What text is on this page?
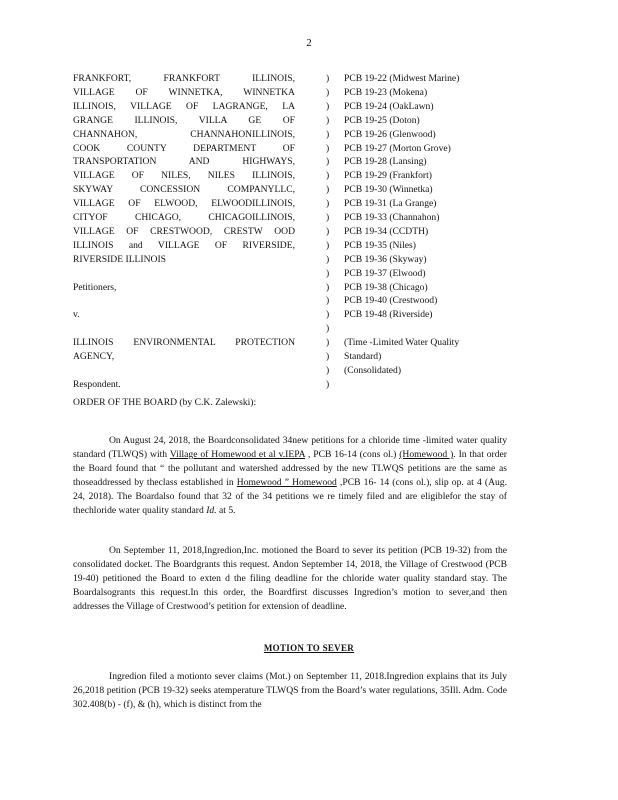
2
FRANKFORT, FRANKFORT ILLINOIS,	) PCB 19-22 (Midwest Marine)
VILLAGE OF WINNETKA, WINNETKA	) PCB 19-23 (Mokena)
ILLINOIS, VILLAGE OF LAGRANGE, LA	) PCB 19-24 (OakLawn)
GRANGE ILLINOIS, VILLA GE OF	) PCB 19-25 (Doton)
CHANNAHON, CHANNAHONILLINOIS,	) PCB 19-26 (Glenwood)
COOK COUNTY DEPARTMENT OF	) PCB 19-27 (Morton Grove)
TRANSPORTATION AND HIGHWAYS,	) PCB 19-28 (Lansing)
VILLAGE OF NILES, NILES ILLINOIS,	) PCB 19-29 (Frankfort)
SKYWAY CONCESSION COMPANYLLC,	) PCB 19-30 (Winnetka)
VILLAGE OF ELWOOD, ELWOODILLINOIS,	) PCB 19-31 (La Grange)
CITYOF CHICAGO, CHICAGOILLINOIS,	) PCB 19-33 (Channahon)
VILLAGE OF CRESTWOOD, CRESTW OOD	) PCB 19-34 (CCDTH)
ILLINOIS and VILLAGE OF RIVERSIDE,	) PCB 19-35 (Niles)
RIVERSIDE ILLINOIS	) PCB 19-36 (Skyway)
) PCB 19-37 (Elwood)
Petitioners,	) PCB 19-38 (Chicago)
) PCB 19-40 (Crestwood)
v.	) PCB 19-48 (Riverside)
)
ILLINOIS ENVIRONMENTAL PROTECTION	) (Time -Limited Water Quality
AGENCY,	) Standard)
) (Consolidated)
Respondent.	)
ORDER OF THE BOARD (by C.K. Zalewski):
On August 24, 2018, the Boardconsolidated 34new petitions for a chloride time -limited water quality standard (TLWQS) with Village of Homewood et al v.IEPA , PCB 16-14 (cons ol.) (Homewood ). In that order the Board found that “ the pollutant and watershed addressed by the new TLWQS petitions are the same as thoseaddressed by theclass established in Homewood ” Homewood ,PCB 16- 14 (cons ol.), slip op. at 4 (Aug. 24, 2018). The Boardalso found that 32 of the 34 petitions we re timely filed and are eligiblefor the stay of thechloride water quality standard Id. at 5.
On September 11, 2018,Ingredion,Inc. motioned the Board to sever its petition (PCB 19-32) from the consolidated docket. The Boardgrants this request. Andon September 14, 2018, the Village of Crestwood (PCB 19-40) petitioned the Board to exten d the filing deadline for the chloride water quality standard stay. The Boardalsogrants this request.In this order, the Boardfirst discusses Ingredion’s motion to sever,and then addresses the Village of Crestwood’s petition for extension of deadline.
MOTION TO SEVER
Ingredion filed a motionto sever claims (Mot.) on September 11, 2018.Ingredion explains that its July 26,2018 petition (PCB 19-32) seeks atemperature TLWQS from the Board’s water regulations, 35Ill. Adm. Code 302.408(b) - (f), & (h), which is distinct from the
